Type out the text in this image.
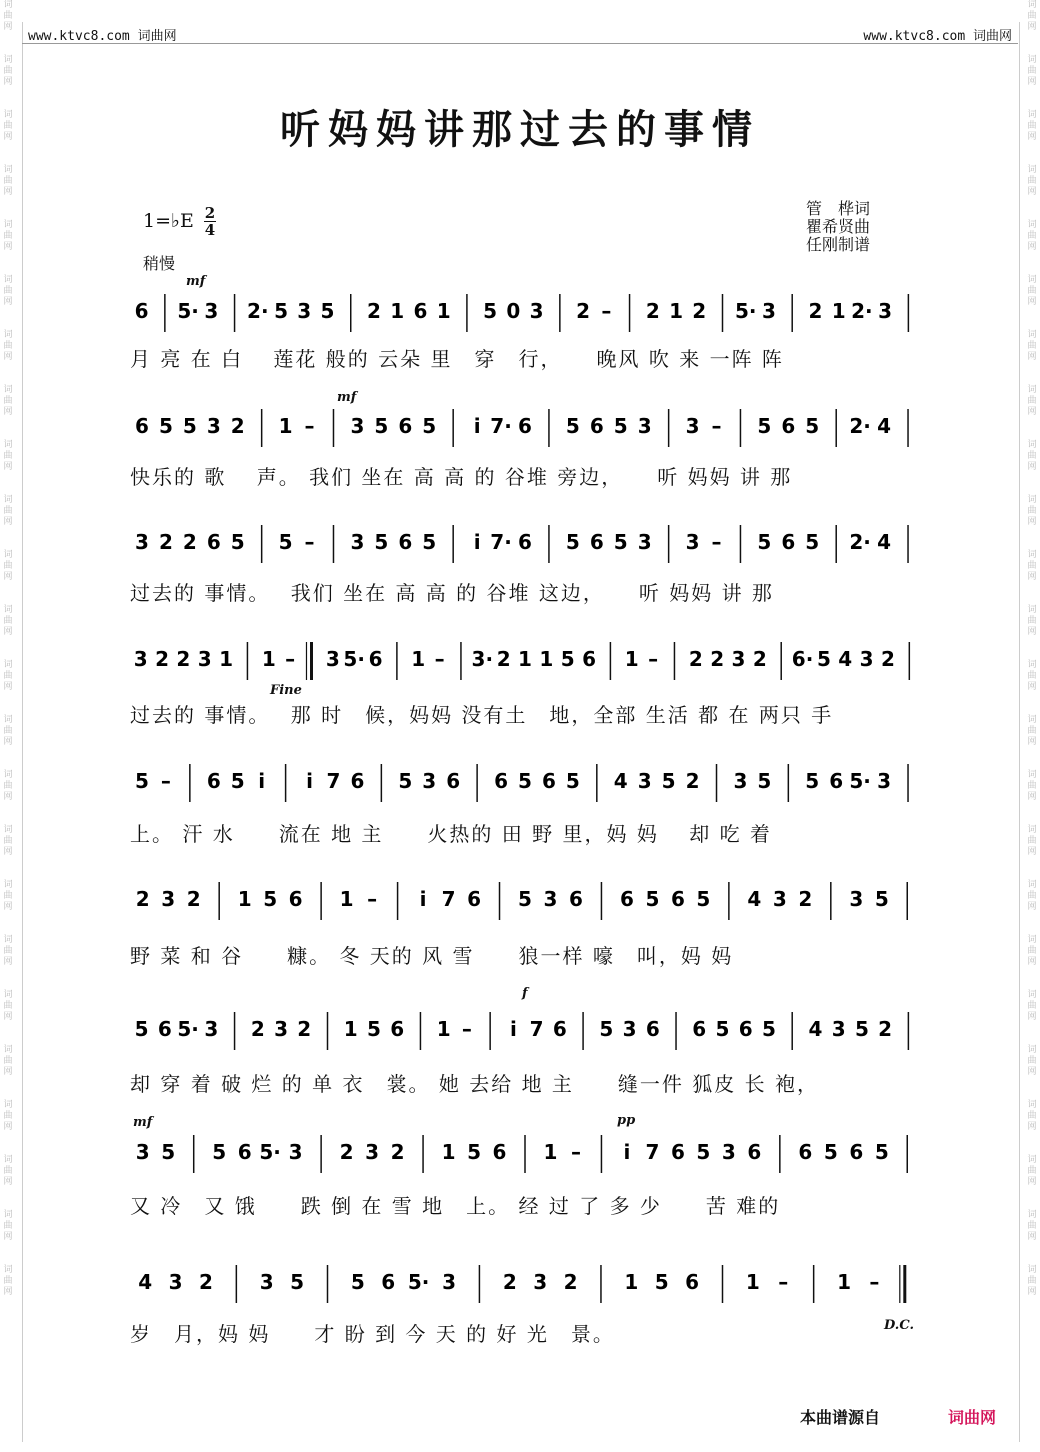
词
曲
网

词
曲
网

词
曲
网

词
曲
网

词
曲
网

词
曲
网

词
曲
网

词
曲
网

词
曲
网

词
曲
网

词
曲
网

词
曲
网

词
曲
网

词
曲
网

词
曲
网

词
曲
网

词
曲
网

词
曲
网

词
曲
网

词
曲
网

词
曲
网

词
曲
网

词
曲
网

词
曲
网

词
曲
网

词
曲
网

词
曲
网

词
曲
网

词
曲
网

词
曲
网

词
曲
网

词
曲
网

词
曲
网

词
曲
网

词
曲
网

词
曲
网

词
曲
网

词
曲
网

词
曲
网

词
曲
网

词
曲
网

词
曲
网

词
曲
网

词
曲
网

词
曲
网

词
曲
网

词
曲
网

词
曲
网

www.ktvc8.com 词曲网	www.ktvc8.com 词曲网
听妈妈讲那过去的事情
1=♭E 2
4
稍慢
管　桦词
瞿希贤曲
任刚制谱
6 5· 3 2· 5 3 5 2 1 6 1 5 0 3 2 – 2 1 2 5· 3 2 1 2· 3
月 亮 在 白　 莲花 般的 云朵 里　穿　行，　　晚风 吹 来 一阵 阵
6 5 5 3 2 1 – 3 5 6 5 i 7· 6 5 6 5 3 3 – 5 6 5 2· 4
快乐的 歌　 声。 我们 坐在 高 高 的 谷堆 旁边，　　听 妈妈 讲 那
3 2 2 6 5 5 – 3 5 6 5 i 7· 6 5 6 5 3 3 – 5 6 5 2· 4
过去的 事情。　 我们 坐在 高 高 的 谷堆 这边，　　听 妈妈 讲 那
3 2 2 3 1 1 – 3 5· 6 1 – 3· 2 1 1 5 6 1 – 2 2 3 2 6· 5 4 3 2
过去的 事情。　 那 时　候，妈妈 没有土　地，全部 生活 都 在 两只 手
5 – 6 5 i i 7 6 5 3 6 6 5 6 5 4 3 5 2 3 5 5 6 5· 3
上。 汗 水　　流在 地 主　　火热的 田 野 里，妈 妈　 却 吃 着
2 3 2 1 5 6 1 – i 7 6 5 3 6 6 5 6 5 4 3 2 3 5
野 菜 和 谷　　糠。 冬 天的 风 雪　　狼一样 嚎　叫，妈 妈
5 6 5· 3 2 3 2 1 5 6 1 – i 7 6 5 3 6 6 5 6 5 4 3 5 2
却 穿 着 破 烂 的 单 衣　裳。 她 去给 地 主　　缝一件 狐皮 长 袍，
3 5 5 6 5· 3 2 3 2 1 5 6 1 – i 7 6 5 3 6 6 5 6 5
又 冷　又 饿　　跌 倒 在 雪 地　上。 经 过 了 多 少　　苦 难的
4 3 2 3 5 5 6 5· 3 2 3 2 1 5 6 1 – 1 –
岁　月，妈 妈　　才 盼 到 今 天 的 好 光　景。
mf
mf
Fine
f
mf	pp
D.C.
本曲谱源自	词曲网
